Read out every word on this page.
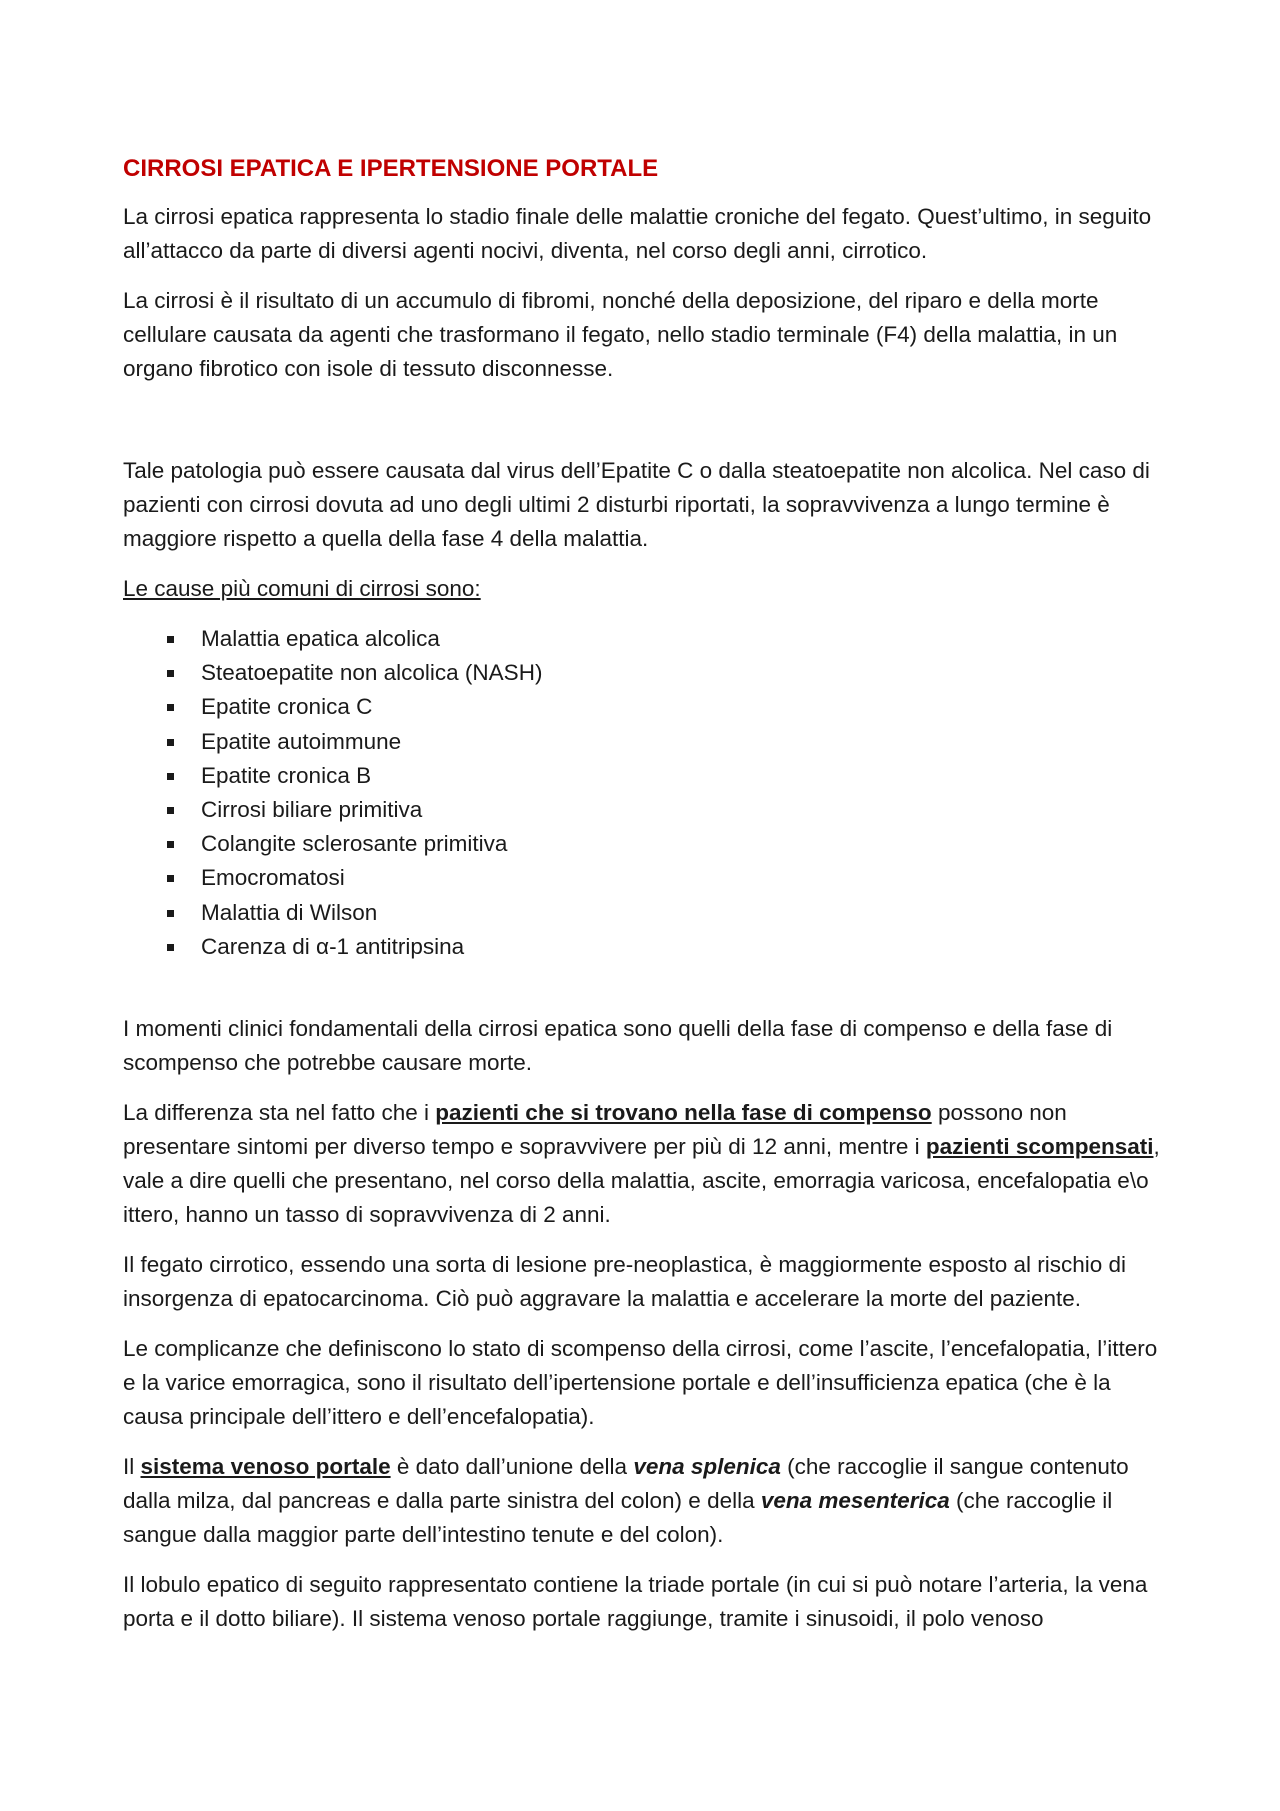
CIRROSI EPATICA E IPERTENSIONE PORTALE

La cirrosi epatica rappresenta lo stadio finale delle malattie croniche del fegato. Quest’ultimo, in seguito all’attacco da parte di diversi agenti nocivi, diventa, nel corso degli anni, cirrotico.

La cirrosi è il risultato di un accumulo di fibromi, nonché della deposizione, del riparo e della morte cellulare causata da agenti che trasformano il fegato, nello stadio terminale (F4) della malattia, in un organo fibrotico con isole di tessuto disconnesse.

Tale patologia può essere causata dal virus dell’Epatite C o dalla steatoepatite non alcolica. Nel caso di pazienti con cirrosi dovuta ad uno degli ultimi 2 disturbi riportati, la sopravvivenza a lungo termine è maggiore rispetto a quella della fase 4 della malattia.

Le cause più comuni di cirrosi sono:

Malattia epatica alcolica
Steatoepatite non alcolica (NASH)
Epatite cronica C
Epatite autoimmune
Epatite cronica B
Cirrosi biliare primitiva
Colangite sclerosante primitiva
Emocromatosi
Malattia di Wilson
Carenza di α-1 antitripsina

I momenti clinici fondamentali della cirrosi epatica sono quelli della fase di compenso e della fase di scompenso che potrebbe causare morte.

La differenza sta nel fatto che i pazienti che si trovano nella fase di compenso possono non presentare sintomi per diverso tempo e sopravvivere per più di 12 anni, mentre i pazienti scompensati, vale a dire quelli che presentano, nel corso della malattia, ascite, emorragia varicosa, encefalopatia e\o ittero, hanno un tasso di sopravvivenza di 2 anni.

Il fegato cirrotico, essendo una sorta di lesione pre-neoplastica, è maggiormente esposto al rischio di insorgenza di epatocarcinoma. Ciò può aggravare la malattia e accelerare la morte del paziente.

Le complicanze che definiscono lo stato di scompenso della cirrosi, come l’ascite, l’encefalopatia, l’ittero e la varice emorragica, sono il risultato dell’ipertensione portale e dell’insufficienza epatica (che è la causa principale dell’ittero e dell’encefalopatia).

Il sistema venoso portale è dato dall’unione della vena splenica (che raccoglie il sangue contenuto dalla milza, dal pancreas e dalla parte sinistra del colon) e della vena mesenterica (che raccoglie il sangue dalla maggior parte dell’intestino tenute e del colon).

Il lobulo epatico di seguito rappresentato contiene la triade portale (in cui si può notare l’arteria, la vena porta e il dotto biliare). Il sistema venoso portale raggiunge, tramite i sinusoidi, il polo venoso
